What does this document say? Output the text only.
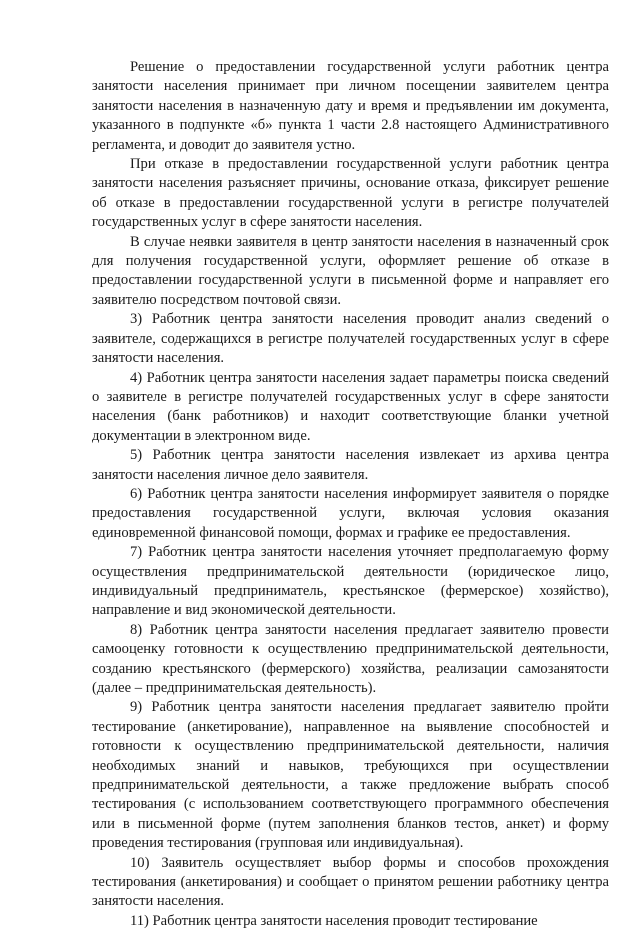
Решение о предоставлении государственной услуги работник центра занятости населения принимает при личном посещении заявителем центра занятости населения в назначенную дату и время и предъявлении им документа, указанного в подпункте «б» пункта 1 части 2.8 настоящего Административного регламента, и доводит до заявителя устно.

При отказе в предоставлении государственной услуги работник центра занятости населения разъясняет причины, основание отказа, фиксирует решение об отказе в предоставлении государственной услуги в регистре получателей государственных услуг в сфере занятости населения.

В случае неявки заявителя в центр занятости населения в назначенный срок для получения государственной услуги, оформляет решение об отказе в предоставлении государственной услуги в письменной форме и направляет его заявителю посредством почтовой связи.

3) Работник центра занятости населения проводит анализ сведений о заявителе, содержащихся в регистре получателей государственных услуг в сфере занятости населения.

4) Работник центра занятости населения задает параметры поиска сведений о заявителе в регистре получателей государственных услуг в сфере занятости населения (банк работников) и находит соответствующие бланки учетной документации в электронном виде.

5) Работник центра занятости населения извлекает из архива центра занятости населения личное дело заявителя.

6) Работник центра занятости населения информирует заявителя о порядке предоставления государственной услуги, включая условия оказания единовременной финансовой помощи, формах и графике ее предоставления.

7) Работник центра занятости населения уточняет предполагаемую форму осуществления предпринимательской деятельности (юридическое лицо, индивидуальный предприниматель, крестьянское (фермерское) хозяйство), направление и вид экономической деятельности.

8) Работник центра занятости населения предлагает заявителю провести самооценку готовности к осуществлению предпринимательской деятельности, созданию крестьянского (фермерского) хозяйства, реализации самозанятости (далее – предпринимательская деятельность).

9) Работник центра занятости населения предлагает заявителю пройти тестирование (анкетирование), направленное на выявление способностей и готовности к осуществлению предпринимательской деятельности, наличия необходимых знаний и навыков, требующихся при осуществлении предпринимательской деятельности, а также предложение выбрать способ тестирования (с использованием соответствующего программного обеспечения или в письменной форме (путем заполнения бланков тестов, анкет) и форму проведения тестирования (групповая или индивидуальная).

10) Заявитель осуществляет выбор формы и способов прохождения тестирования (анкетирования) и сообщает о принятом решении работнику центра занятости населения.

11) Работник центра занятости населения проводит тестирование
